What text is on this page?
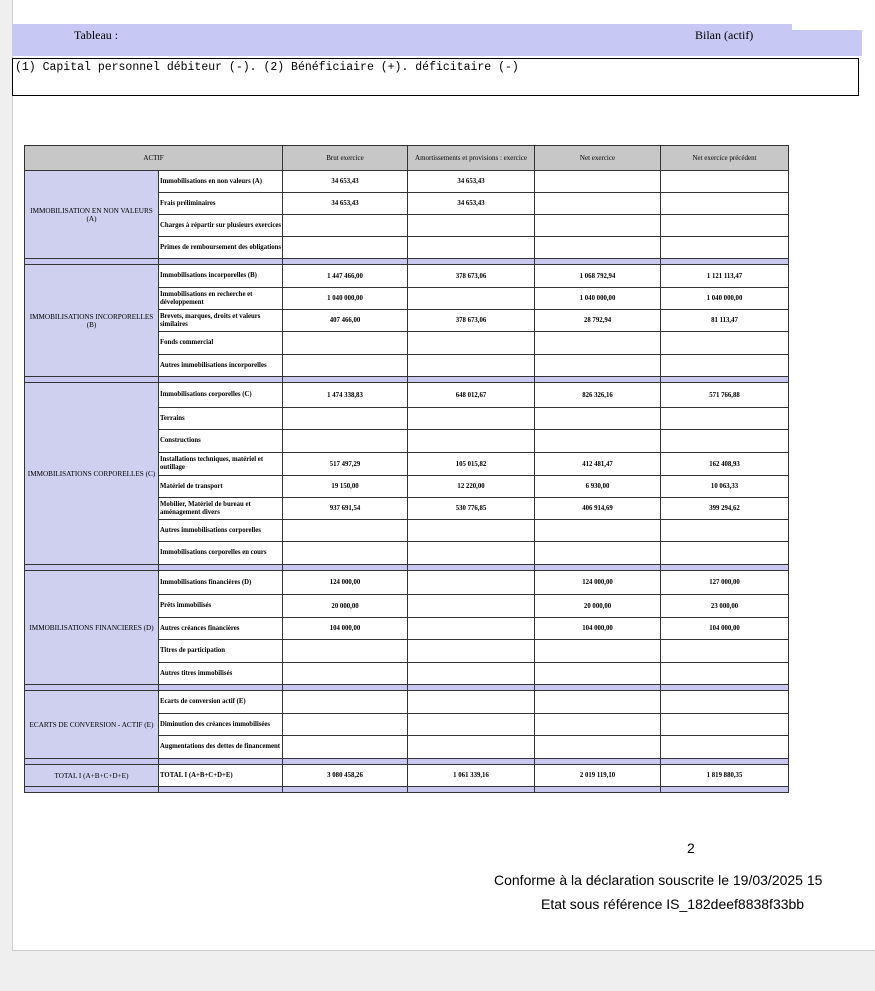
Tableau :	Bilan (actif)
(1) Capital personnel débiteur (-). (2) Bénéficiaire (+). déficitaire (-)
ACTIF		Brut exercice	Amortissements et provisions : exercice	Net exercice	Net exercice précédent
IMMOBILISATION EN NON VALEURS (A)	Immobilisations en non valeurs (A)	34 653,43	34 653,43		
	Frais préliminaires	34 653,43	34 653,43		
	Charges à répartir sur plusieurs exercices				
	Primes de remboursement des obligations				

IMMOBILISATIONS INCORPORELLES (B)	Immobilisations incorporelles (B)	1 447 466,00	378 673,06	1 068 792,94	1 121 113,47
	Immobilisations en recherche et développement	1 040 000,00		1 040 000,00	1 040 000,00
	Brevets, marques, droits et valeurs similaires	407 466,00	378 673,06	28 792,94	81 113,47
	Fonds commercial				
	Autres immobilisations incorporelles				

IMMOBILISATIONS CORPORELLES (C)	Immobilisations corporelles (C)	1 474 338,83	648 012,67	826 326,16	571 766,88
	Terrains				
	Constructions				
	Installations techniques, matériel et outillage	517 497,29	105 015,82	412 481,47	162 408,93
	Matériel de transport	19 150,00	12 220,00	6 930,00	10 063,33
	Mobilier, Matériel de bureau et aménagement divers	937 691,54	530 776,85	406 914,69	399 294,62
	Autres immobilisations corporelles				
	Immobilisations corporelles en cours				

IMMOBILISATIONS FINANCIERES (D)	Immobilisations financières (D)	124 000,00		124 000,00	127 000,00
	Prêts immobilisés	20 000,00		20 000,00	23 000,00
	Autres créances financières	104 000,00		104 000,00	104 000,00
	Titres de participation				
	Autres titres immobilisés				

ECARTS DE CONVERSION - ACTIF (E)	Ecarts de conversion actif (E)				
	Diminution des créances immobilisées				
	Augmentations des dettes de financement				

TOTAL I (A+B+C+D+E)	TOTAL I (A+B+C+D+E)	3 080 458,26	1 061 339,16	2 019 119,10	1 819 880,35

2
Conforme à la déclaration souscrite le 19/03/2025 15
Etat sous référence IS_182deef8838f33bb
